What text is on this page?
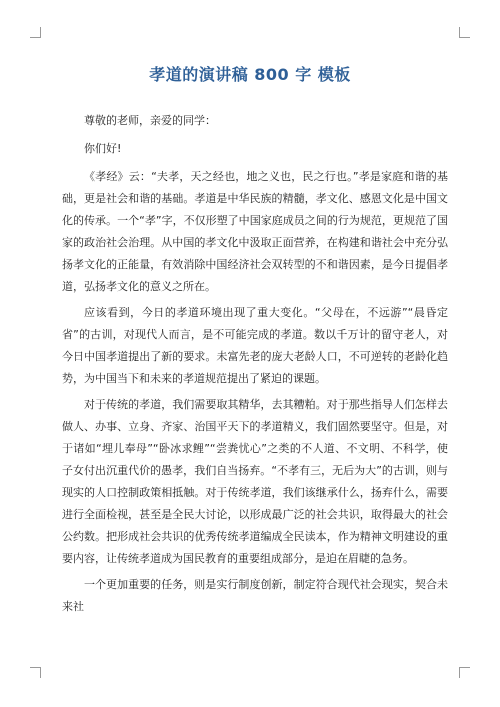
孝道的演讲稿 800 字 模板

尊敬的老师，亲爱的同学：

你们好!

《孝经》云：“夫孝，天之经也，地之义也，民之行也。”孝是家庭和谐的基础，更是社会和谐的基础。孝道是中华民族的精髓，孝文化、感恩文化是中国文化的传承。一个“孝”字，不仅形塑了中国家庭成员之间的行为规范，更规范了国家的政治社会治理。从中国的孝文化中汲取正面营养，在构建和谐社会中充分弘扬孝文化的正能量，有效消除中国经济社会双转型的不和谐因素，是今日提倡孝道，弘扬孝文化的意义之所在。

应该看到，今日的孝道环境出现了重大变化。“父母在，不远游”“晨昏定省”的古训，对现代人而言，是不可能完成的孝道。数以千万计的留守老人，对今日中国孝道提出了新的要求。未富先老的庞大老龄人口，不可逆转的老龄化趋势，为中国当下和未来的孝道规范提出了紧迫的课题。

对于传统的孝道，我们需要取其精华，去其糟粕。对于那些指导人们怎样去做人、办事、立身、齐家、治国平天下的孝道精义，我们固然要坚守。但是，对于诸如“埋儿奉母”“卧冰求鲤”“尝粪忧心”之类的不人道、不文明、不科学，使子女付出沉重代价的愚孝，我们自当扬弃。“不孝有三，无后为大”的古训，则与现实的人口控制政策相抵触。对于传统孝道，我们该继承什么，扬弃什么，需要进行全面检视，甚至是全民大讨论，以形成最广泛的社会共识，取得最大的社会公约数。把形成社会共识的优秀传统孝道编成全民读本，作为精神文明建设的重要内容，让传统孝道成为国民教育的重要组成部分，是迫在眉睫的急务。

一个更加重要的任务，则是实行制度创新，制定符合现代社会现实，契合未来社
